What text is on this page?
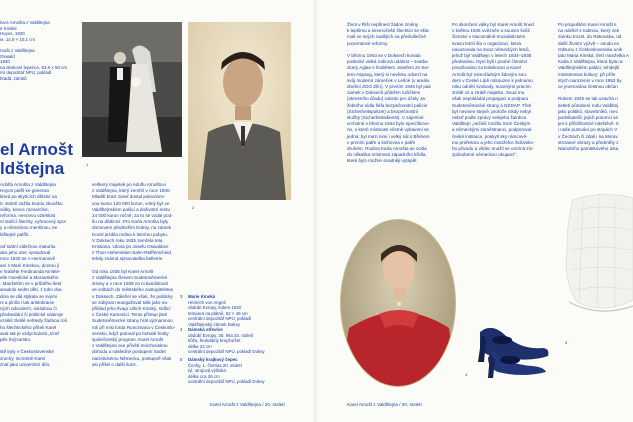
lovic Arnošta z Valdštejna
é Kinské
Hoyos, 1920
ie, 14,9 × 10,1 cm
rnošt z Valdštejna
Oswald
1930
na deskové lepence, 63,5 × 50 cm
rní depozitář NPÚ, pokladí
hradů, zámků
el Arnošt
ldštejna	1
2
Adolfa Arnošta z Valdštejna
Hoyos patřil ke generaci
která po skytících dětství na
0. století zažila krutou zkoušku
války, konec monarchie,
reforma, nenovou vzteklost
ní stolící šlechty, vyhrocený spor
y a německou menšinou, ke
ldštejné patřili...
oď státní válečnou maturitu
ako jeho otec vystudoval
roce 1920 se v Hermanově
aní s Marií Kinskou, dcerou jí
e hraběte Ferdinanda Kinské-
elle Hoeslické a Moravského
. Manželům se v průběhu šest
anadolo sedm dětí, z toho dva
dina se dál stýkala se svými
ni a plníla i tak aristokracie
ných odvodech, ovládnou či
předsedání či politické nástroje
vznikli zletilé nehledy žádnou roli.
ho šlechtického příteli Karel
aval tak je vzdychalosti „Graf
pěs Švýcarsko.
stě byly v Československé
zruchy, nicméně Karel
znal jako univerzitní dílo.
veškerý majetek po Adolfu Arnoštovi
z Valdštejna, který zemřel v roce 1930.
Mladší bratr Josef dostal jednorázo-
vou sumu 120 000 korun, volný byt ve
Valdštejnském paláci a doživotní rentu
24 000 korun ročně, za to se vzdal pod-
ílu na dědictví. Pro Karla Arnošta byly
domovem především Doksy, na zámek
Kozel jezdila rodina k letnímu pobytu.
V Doksech roku 1935 zemřela teta
Kristiana, vdova po Josefu Oswaldovi
z Thun-Hohenstein-Salm-Reifferscheid,
tehdy známá spisovatelka belletrie.
Od roku 1935 byl Karel Arnošt
z Valdštejna členem Sudetoněmecké
strany a v roce 1938 za ni kandidoval
ve volbách do městského zastupitelstva
v Doksech. Záležel se však, že politicky
se zabývat neangažoval tolik jako na-
příklad jeho švagr Ulrich Kinský, sídlící
v České Kamenici. Tento přístup jisté
Sudetoněmecké strany hrál významnou
roli při misi lorda Runcimana v Českoslo-
vensku, když putoval po bohaté hosty
společenský program. Karel Arnošt
z Valdštejna oce přívětí mnichovskou
dohodu a následné postupení Sudet
nacistickému Německu, postupně však
asi přišel o další iluze.
3 Marie Kinská
Heinrich von Angeli
období Evropy, kolem 1920
tempera na plátně, 62 × 49 cm
centrální depozitář NPÚ, pokladí
Valdštejnský zámek Doksy
4 Dámská střevíce
období Evropy, 30. léta 20. století
kůže, hedvábný krepžoržet
délka 23 cm
centrální depozitář NPÚ, pokladí Doksy
5 Dámský krajkový čepec
Čechy, 1. čtvrtina 20. století
tyl, strojová výšivka
délka cca 26 cm
centrální depozitář NPÚ, pokladí Doksy
Karel Arnošt z Valdštejna / 20. století
Život v Říši nepřinesl žádné změny
k lepšímu a severočeští šlechtici se skla-
mali ve svých nadějích na předválečné
pozemkové reformy.
V březnu 1943 se v Doksech konala
poslední velká rodinná událost – svatba
dcery Aglae s hrabětem Josefem ze Sei-
lern-Aspang, který si nevěstu odvezl na
svůj moderní zámeček v Lešné (v areálu
dnešní ZOO Zlín). V prvním 1945 byl pak
zámek v Doksech přiležen ručičkem
(okresního úřadu) zabrán pro účely Ja-
žebního sídla šéfa bezpečnostní policie
(Sicherheitspolizei) a bezpečnostní
služby (Sicherheitsdienst). V zájemné
vrcholné v březnu 1944 bylo specifikovo-
no, o které místnosti včetně vybavení se
jedná; byl mezi nimi i velký sál s Břehem
v prvním patře a knihovna v patře
druhém. Rodina Karla Arnošta se ocitla
do několika místností západního křídla,
které bylo možné snadněji vytápět.
Po skončení války byl Karel Arnošt hned
v květnu 1945 uvězněn a souzen kvůli
členství v Nacionálně-socialistickém
svazu letců šlo o organizaci, která
navazovala na Svaz německých letců,
jehož byl Valdštejn v letech 1934–1938
předsedou. Nyní byli i pouhé členství
považováno za kolaboraci a Karel
Arnošt byl mimořádným lidovým sou-
dem v České Lípě odsouzen k jednomu
roku odnětí svobody, nucenými pracím,
ztrátě cti a ztrátě majetku. Soud mu
však nepokládal propagaci a podporu
Sudetoněmecké strany a NSDAP. Třetí
byl nevinen stejně, protože nikdy nebyl
nebof podle zprávy velejeho žalobce
Valdštejn „nečinil rozdílu mezi Českým
a německými zaměstnanci, podporoval
české instituce, poskytl sky rámcově-
mu profesoru a jeho manželce židovsko-
ho původu a všdec snažil se umírnit zlo-
způsobené německou okupací".
Po propuštění Karel Arnošt s
na odešel s rodinou, který zek
zámku Kozel, do Rakouska, od
další životní výzvě – osudu ex
Odsunu z Československa unik
tato Mária Kinská, třetí manželka A
Karla z Valdštejna, která byla ra
Valdštejnském paláci, tehdejší
ministerstva kultury; při příle
stých narozenin v roce 1952 by
ce jmenována čestnou občan
Rokem 1945 se tak uzavírá n
setletí působení rodu Valdštej
jako politiků, stavebníků, mec
podnikatelů; jejich potomci se
jen k příležitostné návštěvě. K
i naše putování po stopách V
v Čechách či zdali i na Morav
strované obrazy a předměty z
Národního památkového ústa
4
5
Karel Arnošt z Valdštejna / 20. století
